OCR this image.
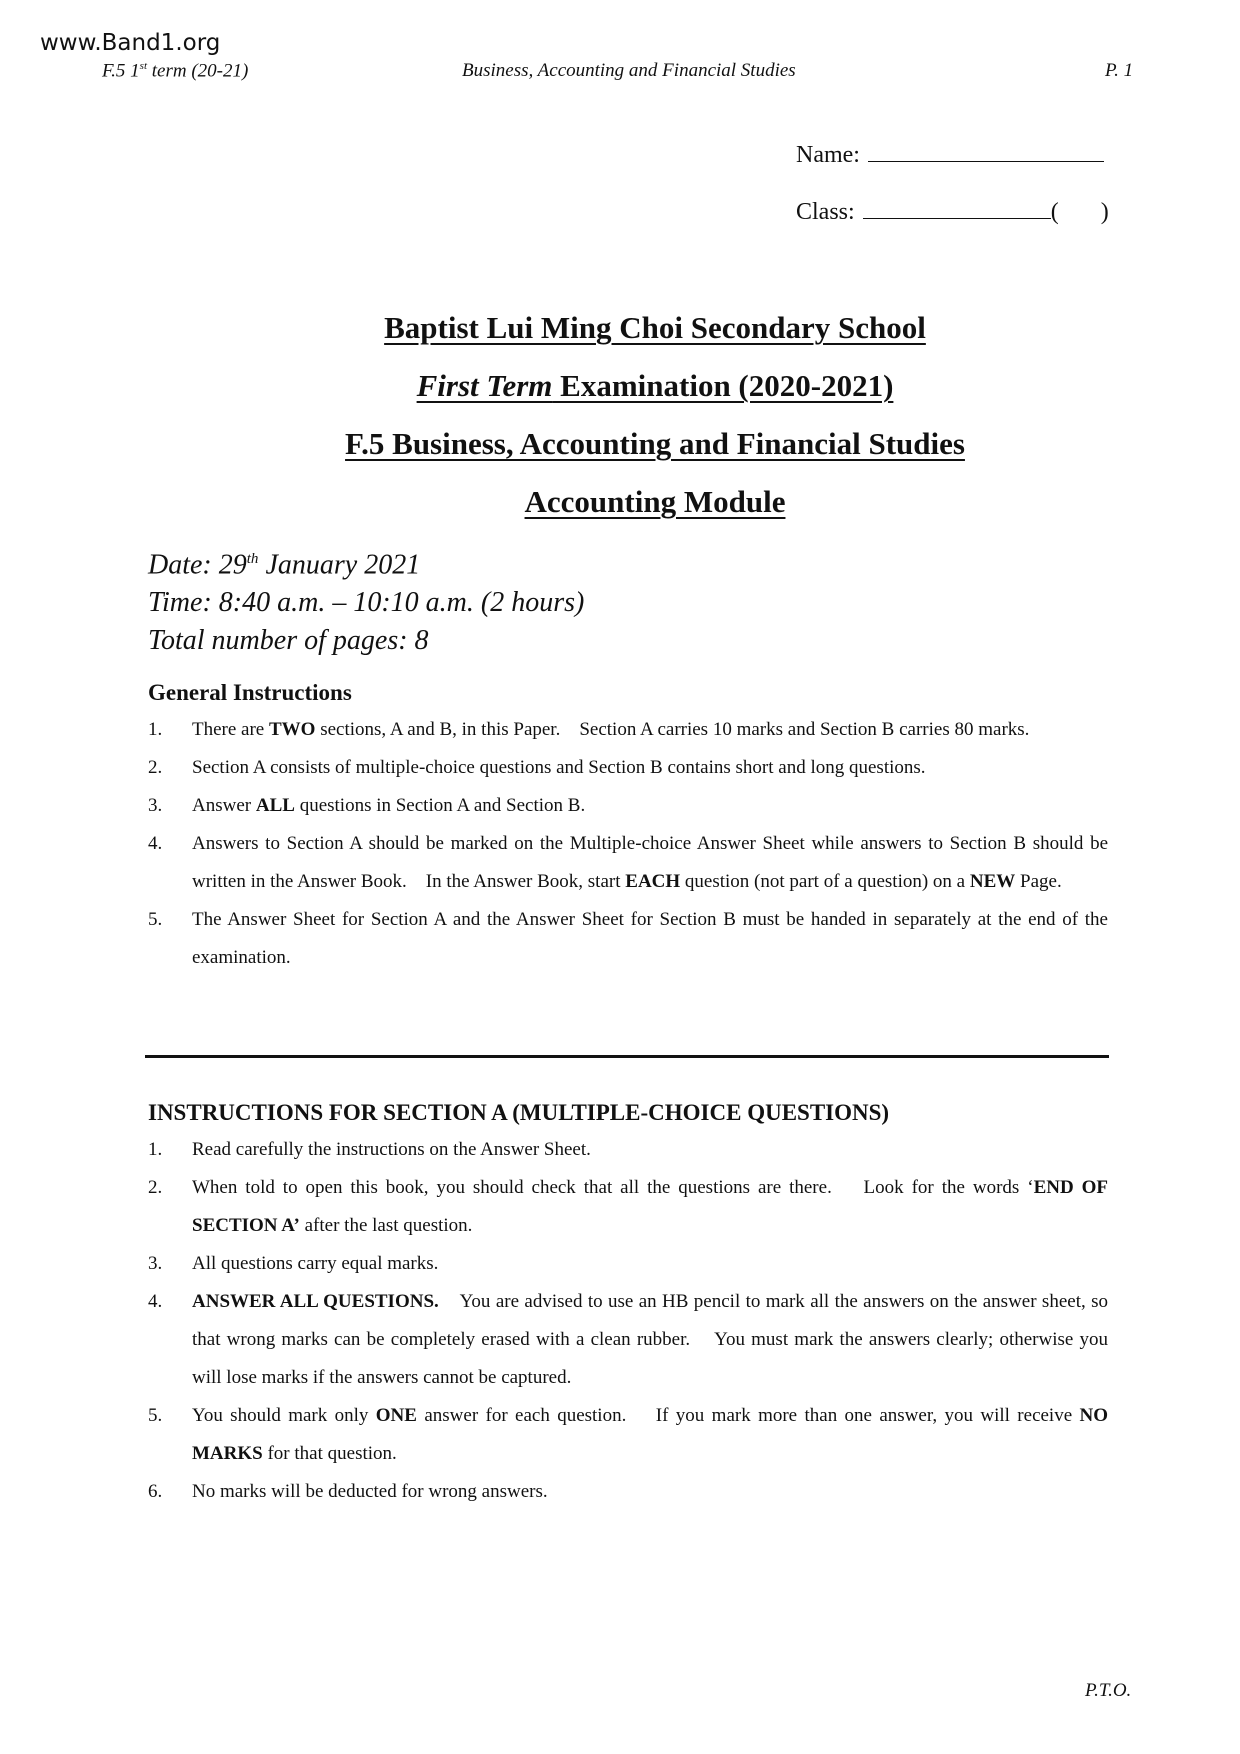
www.Band1.org
F.5 1st term (20-21)	Business, Accounting and Financial Studies	P. 1
Name:
Class:	( )
Baptist Lui Ming Choi Secondary School
First Term Examination (2020-2021)
F.5 Business, Accounting and Financial Studies
Accounting Module
Date: 29th January 2021
Time: 8:40 a.m. – 10:10 a.m. (2 hours)
Total number of pages: 8
General Instructions
1. There are TWO sections, A and B, in this Paper.    Section A carries 10 marks and Section B carries 80 marks.
2. Section A consists of multiple-choice questions and Section B contains short and long questions.
3. Answer ALL questions in Section A and Section B.
4. Answers to Section A should be marked on the Multiple-choice Answer Sheet while answers to Section B should be written in the Answer Book.    In the Answer Book, start EACH question (not part of a question) on a NEW Page.
5. The Answer Sheet for Section A and the Answer Sheet for Section B must be handed in separately at the end of the examination.
INSTRUCTIONS FOR SECTION A (MULTIPLE-CHOICE QUESTIONS)
1. Read carefully the instructions on the Answer Sheet.
2. When told to open this book, you should check that all the questions are there.    Look for the words ‘END OF SECTION A’ after the last question.
3. All questions carry equal marks.
4. ANSWER ALL QUESTIONS.    You are advised to use an HB pencil to mark all the answers on the answer sheet, so that wrong marks can be completely erased with a clean rubber.    You must mark the answers clearly; otherwise you will lose marks if the answers cannot be captured.
5. You should mark only ONE answer for each question.    If you mark more than one answer, you will receive NO MARKS for that question.
6. No marks will be deducted for wrong answers.
P.T.O.
